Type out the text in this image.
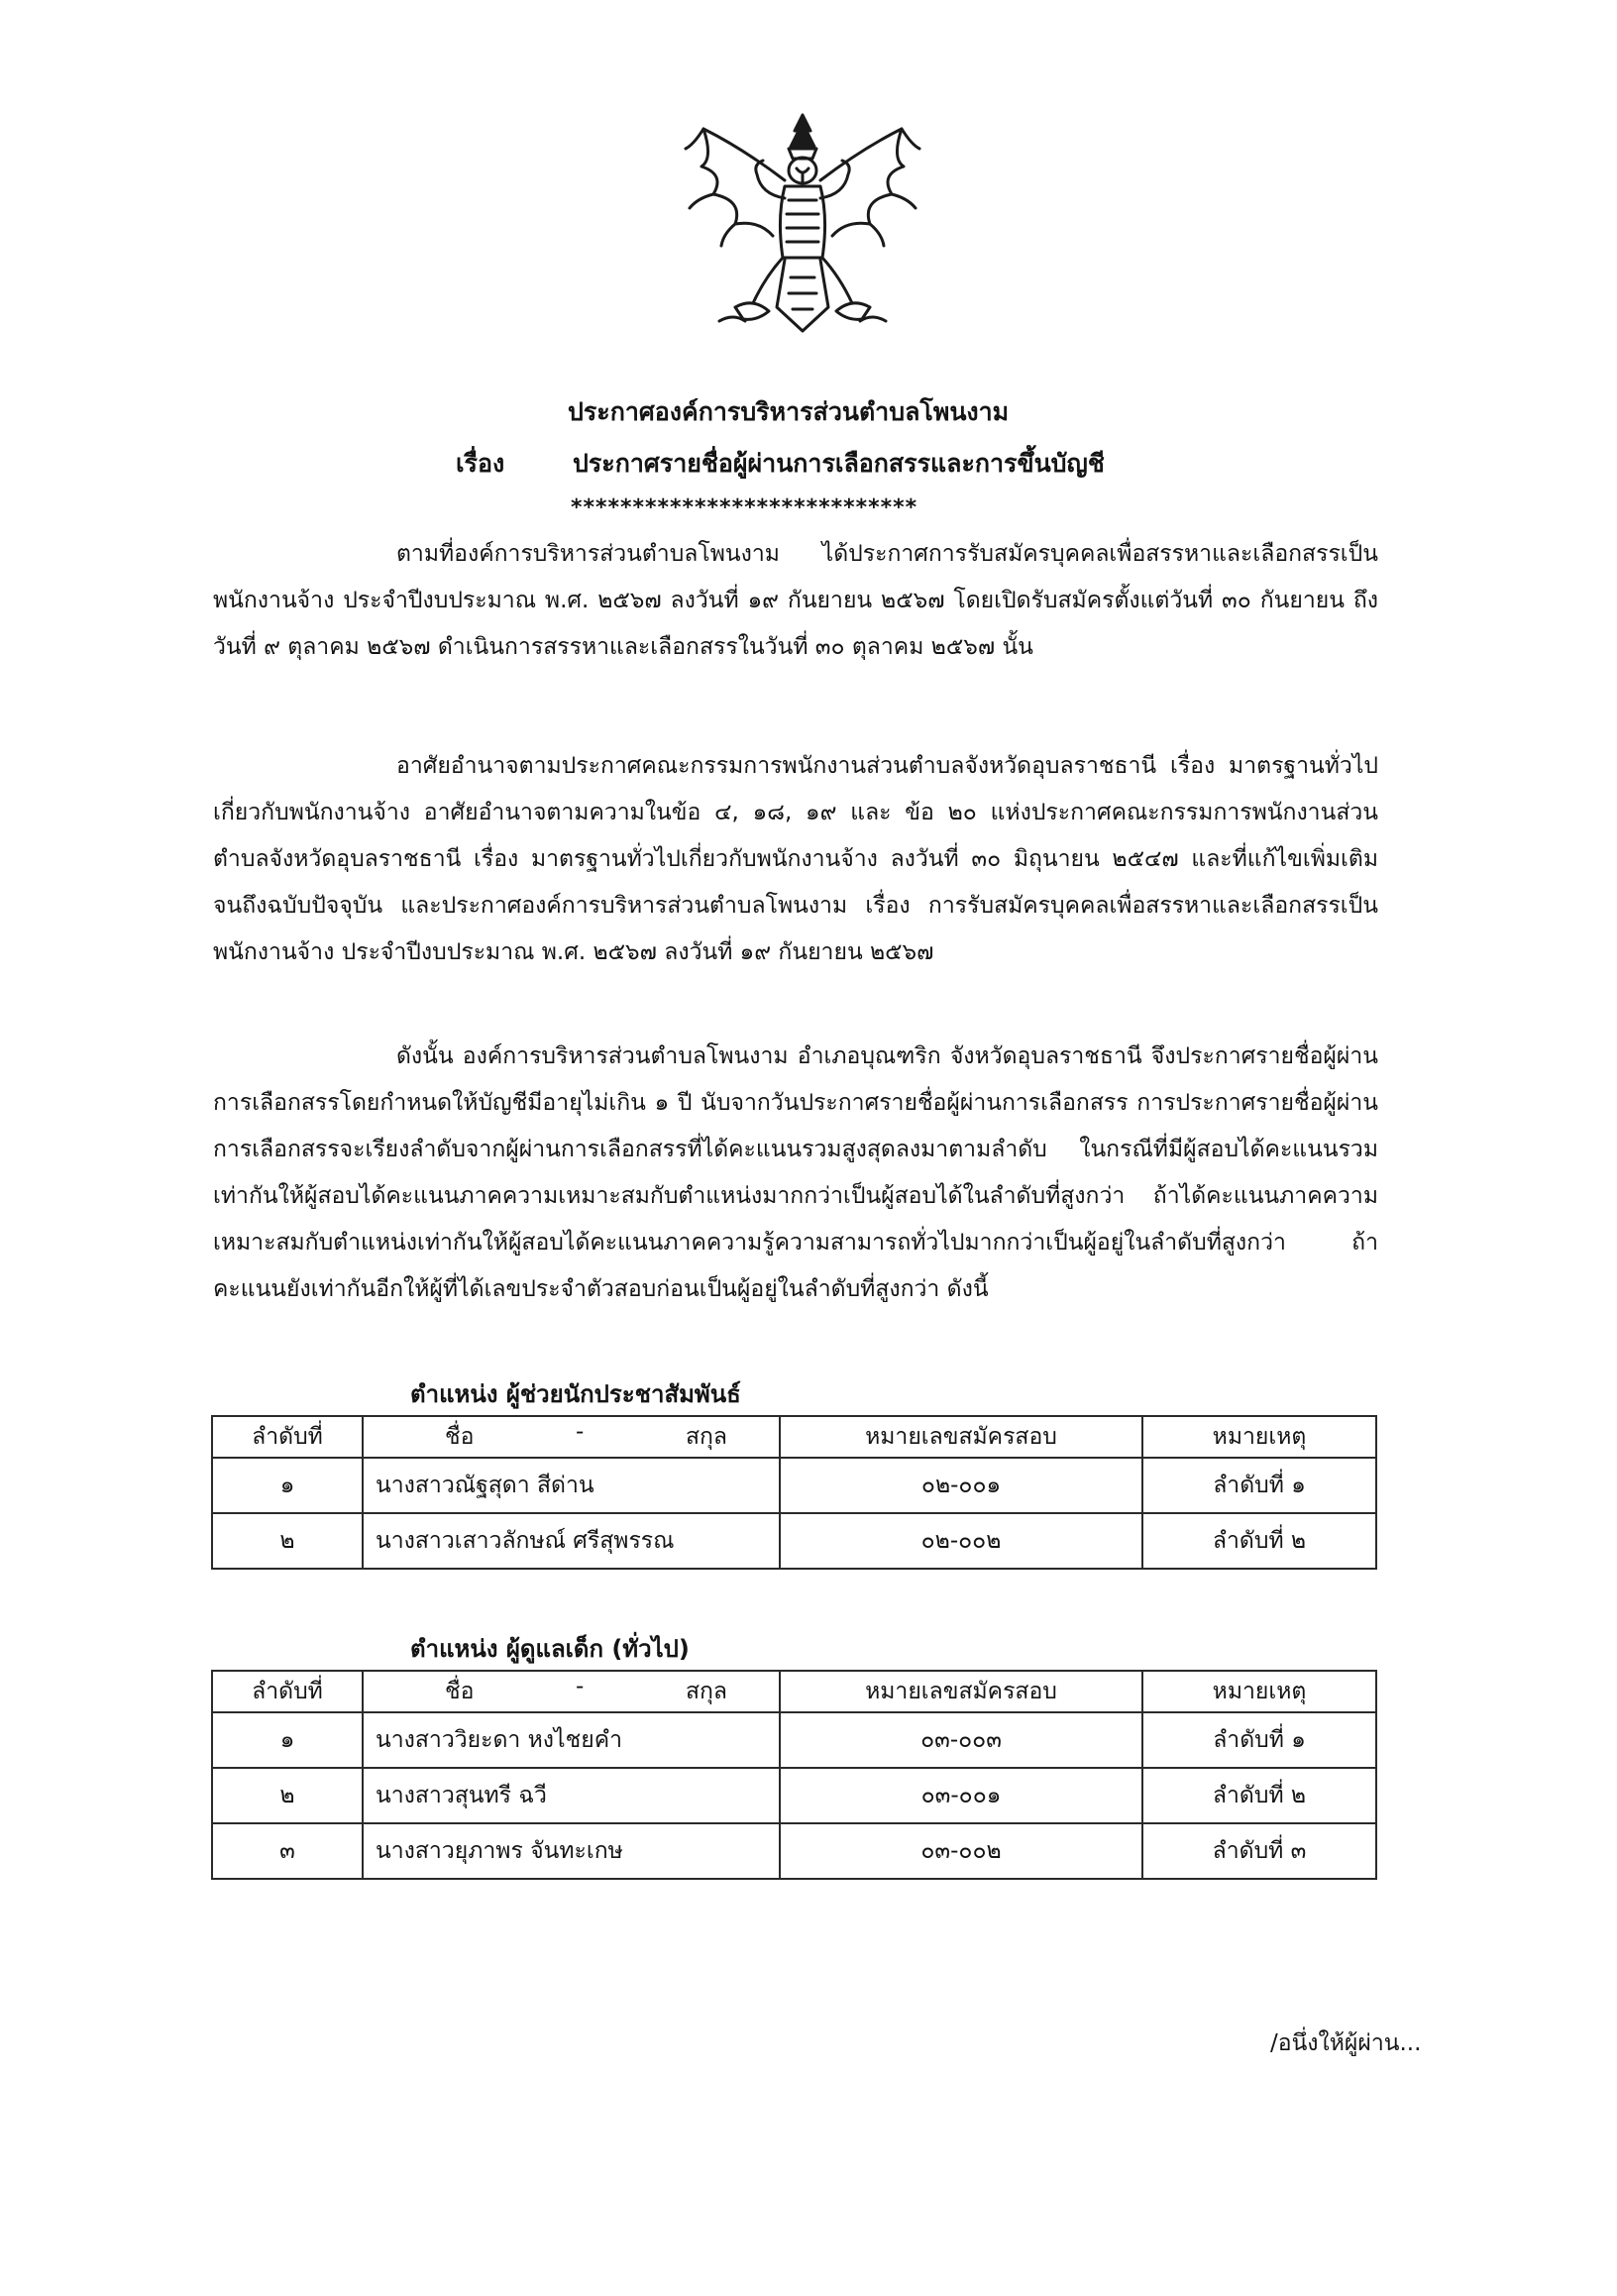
ประกาศองค์การบริหารส่วนตำบลโพนงาม
เรื่อง	ประกาศรายชื่อผู้ผ่านการเลือกสรรและการขึ้นบัญชี
****************************

ตามที่องค์การบริหารส่วนตำบลโพนงาม ได้ประกาศการรับสมัครบุคคลเพื่อสรรหาและเลือกสรรเป็นพนักงานจ้าง ประจำปีงบประมาณ พ.ศ. ๒๕๖๗ ลงวันที่ ๑๙ กันยายน ๒๕๖๗ โดยเปิดรับสมัครตั้งแต่วันที่ ๓๐ กันยายน ถึงวันที่ ๙ ตุลาคม ๒๕๖๗ ดำเนินการสรรหาและเลือกสรรในวันที่ ๓๐ ตุลาคม ๒๕๖๗ นั้น

อาศัยอำนาจตามประกาศคณะกรรมการพนักงานส่วนตำบลจังหวัดอุบลราชธานี เรื่อง มาตรฐานทั่วไปเกี่ยวกับพนักงานจ้าง อาศัยอำนาจตามความในข้อ ๔, ๑๘, ๑๙ และ ข้อ ๒๐ แห่งประกาศคณะกรรมการพนักงานส่วนตำบลจังหวัดอุบลราชธานี เรื่อง มาตรฐานทั่วไปเกี่ยวกับพนักงานจ้าง ลงวันที่ ๓๐ มิถุนายน ๒๕๔๗ และที่แก้ไขเพิ่มเติมจนถึงฉบับปัจจุบัน และประกาศองค์การบริหารส่วนตำบลโพนงาม เรื่อง การรับสมัครบุคคลเพื่อสรรหาและเลือกสรรเป็นพนักงานจ้าง ประจำปีงบประมาณ พ.ศ. ๒๕๖๗ ลงวันที่ ๑๙ กันยายน ๒๕๖๗

ดังนั้น องค์การบริหารส่วนตำบลโพนงาม อำเภอบุณฑริก จังหวัดอุบลราชธานี จึงประกาศรายชื่อผู้ผ่านการเลือกสรรโดยกำหนดให้บัญชีมีอายุไม่เกิน ๑ ปี นับจากวันประกาศรายชื่อผู้ผ่านการเลือกสรร การประกาศรายชื่อผู้ผ่านการเลือกสรรจะเรียงลำดับจากผู้ผ่านการเลือกสรรที่ได้คะแนนรวมสูงสุดลงมาตามลำดับ ในกรณีที่มีผู้สอบได้คะแนนรวมเท่ากันให้ผู้สอบได้คะแนนภาคความเหมาะสมกับตำแหน่งมากกว่าเป็นผู้สอบได้ในลำดับที่สูงกว่า ถ้าได้คะแนนภาคความเหมาะสมกับตำแหน่งเท่ากันให้ผู้สอบได้คะแนนภาคความรู้ความสามารถทั่วไปมากกว่าเป็นผู้อยู่ในลำดับที่สูงกว่า ถ้าคะแนนยังเท่ากันอีกให้ผู้ที่ได้เลขประจำตัวสอบก่อนเป็นผู้อยู่ในลำดับที่สูงกว่า ดังนี้

ตำแหน่ง ผู้ช่วยนักประชาสัมพันธ์
ลำดับที่	ชื่อ - สกุล	หมายเลขสมัครสอบ	หมายเหตุ
๑	นางสาวณัฐสุดา สีด่าน	๐๒-๐๐๑	ลำดับที่ ๑
๒	นางสาวเสาวลักษณ์ ศรีสุพรรณ	๐๒-๐๐๒	ลำดับที่ ๒
ตำแหน่ง ผู้ดูแลเด็ก (ทั่วไป)
ลำดับที่	ชื่อ - สกุล	หมายเลขสมัครสอบ	หมายเหตุ
๑	นางสาววิยะดา หงไชยคำ	๐๓-๐๐๓	ลำดับที่ ๑
๒	นางสาวสุนทรี ฉวี	๐๓-๐๐๑	ลำดับที่ ๒
๓	นางสาวยุภาพร จันทะเกษ	๐๓-๐๐๒	ลำดับที่ ๓
/อนึ่งให้ผู้ผ่าน...
